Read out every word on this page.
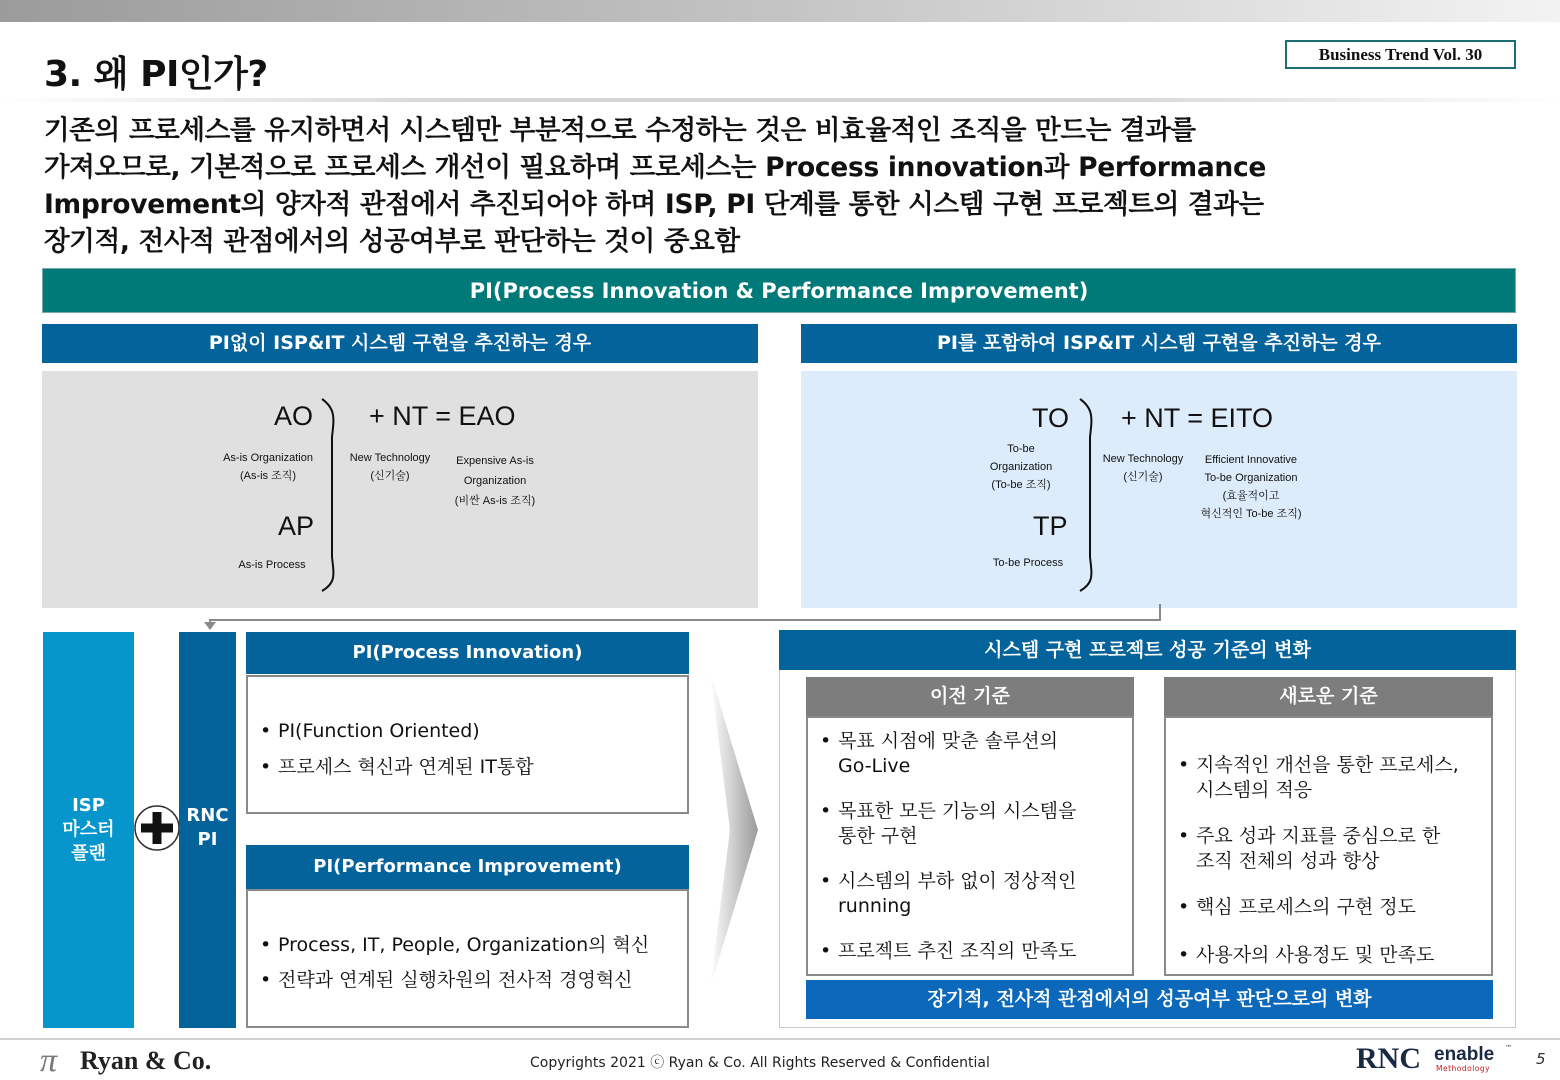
3. 왜 PI인가?	Business Trend Vol. 30
기존의 프로세스를 유지하면서 시스템만 부분적으로 수정하는 것은 비효율적인 조직을 만드는 결과를
가져오므로, 기본적으로 프로세스 개선이 필요하며 프로세스는 Process innovation과 Performance
Improvement의 양자적 관점에서 추진되어야 하며 ISP, PI 단계를 통한 시스템 구현 프로젝트의 결과는
장기적, 전사적 관점에서의 성공여부로 판단하는 것이 중요함
PI(Process Innovation & Performance Improvement)
PI없이 ISP&IT 시스템 구현을 추진하는 경우	PI를 포함하여 ISP&IT 시스템 구현을 추진하는 경우
AO
As-is Organization
(As-is 조직)
AP
As-is Process
+ NT = EAO
New Technology
(신기술)
Expensive As-is
Organization
(비싼 As-is 조직)
TO
To-be
Organization
(To-be 조직)
TP
To-be Process
+ NT = EITO
New Technology
(신기술)
Efficient Innovative
To-be Organization
(효율적이고
혁신적인 To-be 조직)
ISP
마스터
플랜
RNC
PI
PI(Process Innovation)
• PI(Function Oriented)
• 프로세스 혁신과 연계된 IT통합
PI(Performance Improvement)
• Process, IT, People, Organization의 혁신
• 전략과 연계된 실행차원의 전사적 경영혁신
시스템 구현 프로젝트 성공 기준의 변화
이전 기준
• 목표 시점에 맞춘 솔루션의
Go-Live
• 목표한 모든 기능의 시스템을
통한 구현
• 시스템의 부하 없이 정상적인
running
• 프로젝트 추진 조직의 만족도
새로운 기준
• 지속적인 개선을 통한 프로세스,
시스템의 적응
• 주요 성과 지표를 중심으로 한
조직 전체의 성과 향상
• 핵심 프로세스의 구현 정도
• 사용자의 사용정도 및 만족도
장기적, 전사적 관점에서의 성공여부 판단으로의 변화
π Ryan & Co.	Copyrights 2021 ⓒ Ryan & Co. All Rights Reserved & Confidential	RNC enable ™
Methodology
5
